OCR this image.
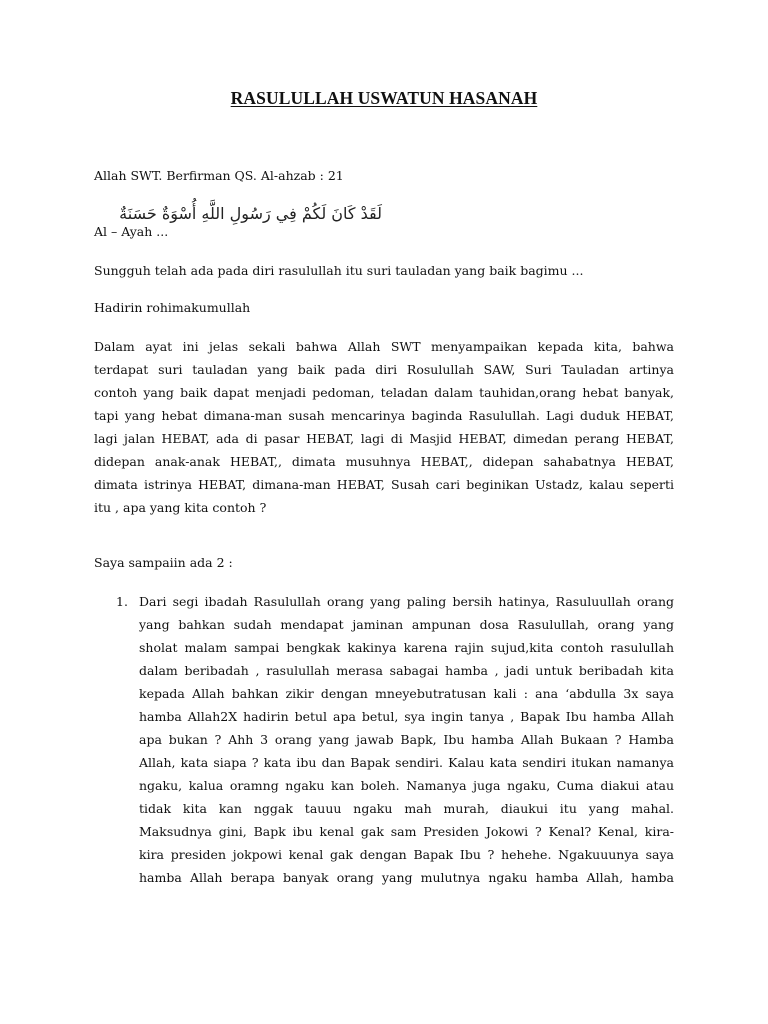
RASULULLAH USWATUN HASANAH
Allah SWT. Berfirman QS. Al-ahzab : 21
Al – Ayah ...
لَقَدْ كَانَ لَكُمْ فِي رَسُولِ اللَّهِ أُسْوَةٌ حَسَنَةٌ
Sungguh telah ada pada diri rasulullah itu suri tauladan yang baik bagimu ...
Hadirin rohimakumullah
Dalam ayat ini jelas sekali bahwa Allah SWT menyampaikan kepada kita, bahwa
terdapat suri tauladan yang baik pada diri Rosulullah SAW, Suri Tauladan artinya
contoh yang baik dapat menjadi pedoman, teladan dalam tauhidan,orang hebat banyak,
tapi yang hebat dimana-man susah mencarinya baginda Rasulullah. Lagi duduk HEBAT,
lagi jalan HEBAT, ada di pasar HEBAT, lagi di Masjid HEBAT, dimedan perang HEBAT,
didepan anak-anak HEBAT,, dimata musuhnya HEBAT,, didepan sahabatnya HEBAT,
dimata istrinya HEBAT, dimana-man HEBAT, Susah cari beginikan Ustadz, kalau seperti
itu , apa yang kita contoh ?
Saya sampaiin ada 2 :
1. Dari segi ibadah Rasulullah orang yang paling bersih hatinya, Rasuluullah orang
yang bahkan sudah mendapat jaminan ampunan dosa Rasulullah, orang yang
sholat malam sampai bengkak kakinya karena rajin sujud,kita contoh rasulullah
dalam beribadah , rasulullah merasa sabagai hamba , jadi untuk beribadah kita
kepada Allah bahkan zikir dengan mneyebutratusan kali : ana ‘abdulla 3x saya
hamba Allah2X hadirin betul apa betul, sya ingin tanya , Bapak Ibu hamba Allah
apa bukan ? Ahh 3 orang yang jawab Bapk, Ibu hamba Allah Bukaan ? Hamba
Allah, kata siapa ? kata ibu dan Bapak sendiri. Kalau kata sendiri itukan namanya
ngaku, kalua oramng ngaku kan boleh. Namanya juga ngaku, Cuma diakui atau
tidak kita kan nggak tauuu ngaku mah murah, diaukui itu yang mahal.
Maksudnya gini, Bapk ibu kenal gak sam Presiden Jokowi ? Kenal? Kenal, kira-
kira presiden jokpowi kenal gak dengan Bapak Ibu ? hehehe. Ngakuuunya saya
hamba Allah berapa banyak orang yang mulutnya ngaku hamba Allah, hamba
